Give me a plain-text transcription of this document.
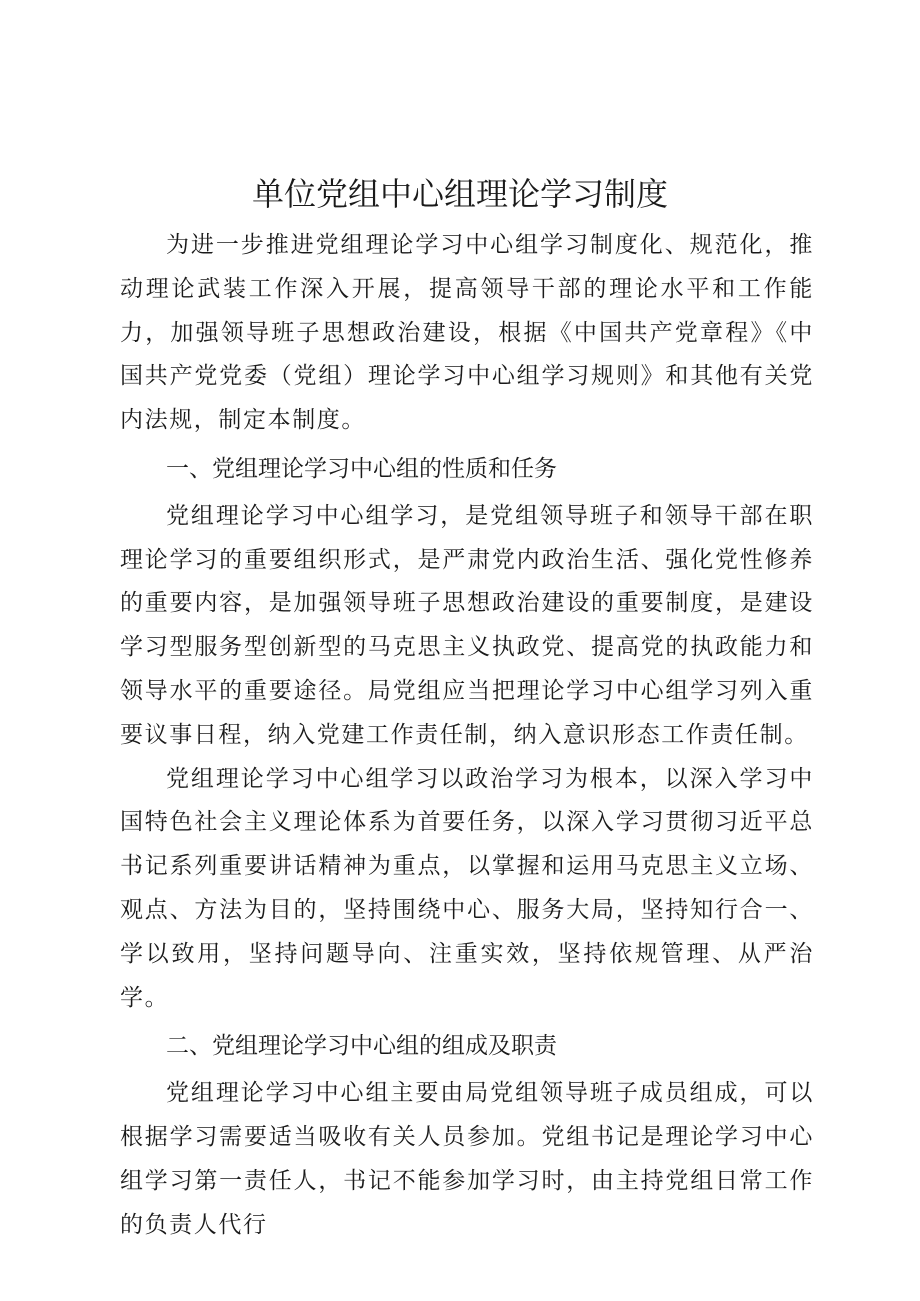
单位党组中心组理论学习制度

为进一步推进党组理论学习中心组学习制度化、规范化，推动理论武装工作深入开展，提高领导干部的理论水平和工作能力，加强领导班子思想政治建设，根据《中国共产党章程》《中国共产党党委（党组）理论学习中心组学习规则》和其他有关党内法规，制定本制度。

一、党组理论学习中心组的性质和任务

党组理论学习中心组学习，是党组领导班子和领导干部在职理论学习的重要组织形式，是严肃党内政治生活、强化党性修养的重要内容，是加强领导班子思想政治建设的重要制度，是建设学习型服务型创新型的马克思主义执政党、提高党的执政能力和领导水平的重要途径。局党组应当把理论学习中心组学习列入重要议事日程，纳入党建工作责任制，纳入意识形态工作责任制。

党组理论学习中心组学习以政治学习为根本，以深入学习中国特色社会主义理论体系为首要任务，以深入学习贯彻习近平总书记系列重要讲话精神为重点，以掌握和运用马克思主义立场、观点、方法为目的，坚持围绕中心、服务大局，坚持知行合一、学以致用，坚持问题导向、注重实效，坚持依规管理、从严治学。

二、党组理论学习中心组的组成及职责

党组理论学习中心组主要由局党组领导班子成员组成，可以根据学习需要适当吸收有关人员参加。党组书记是理论学习中心组学习第一责任人，书记不能参加学习时，由主持党组日常工作的负责人代行
